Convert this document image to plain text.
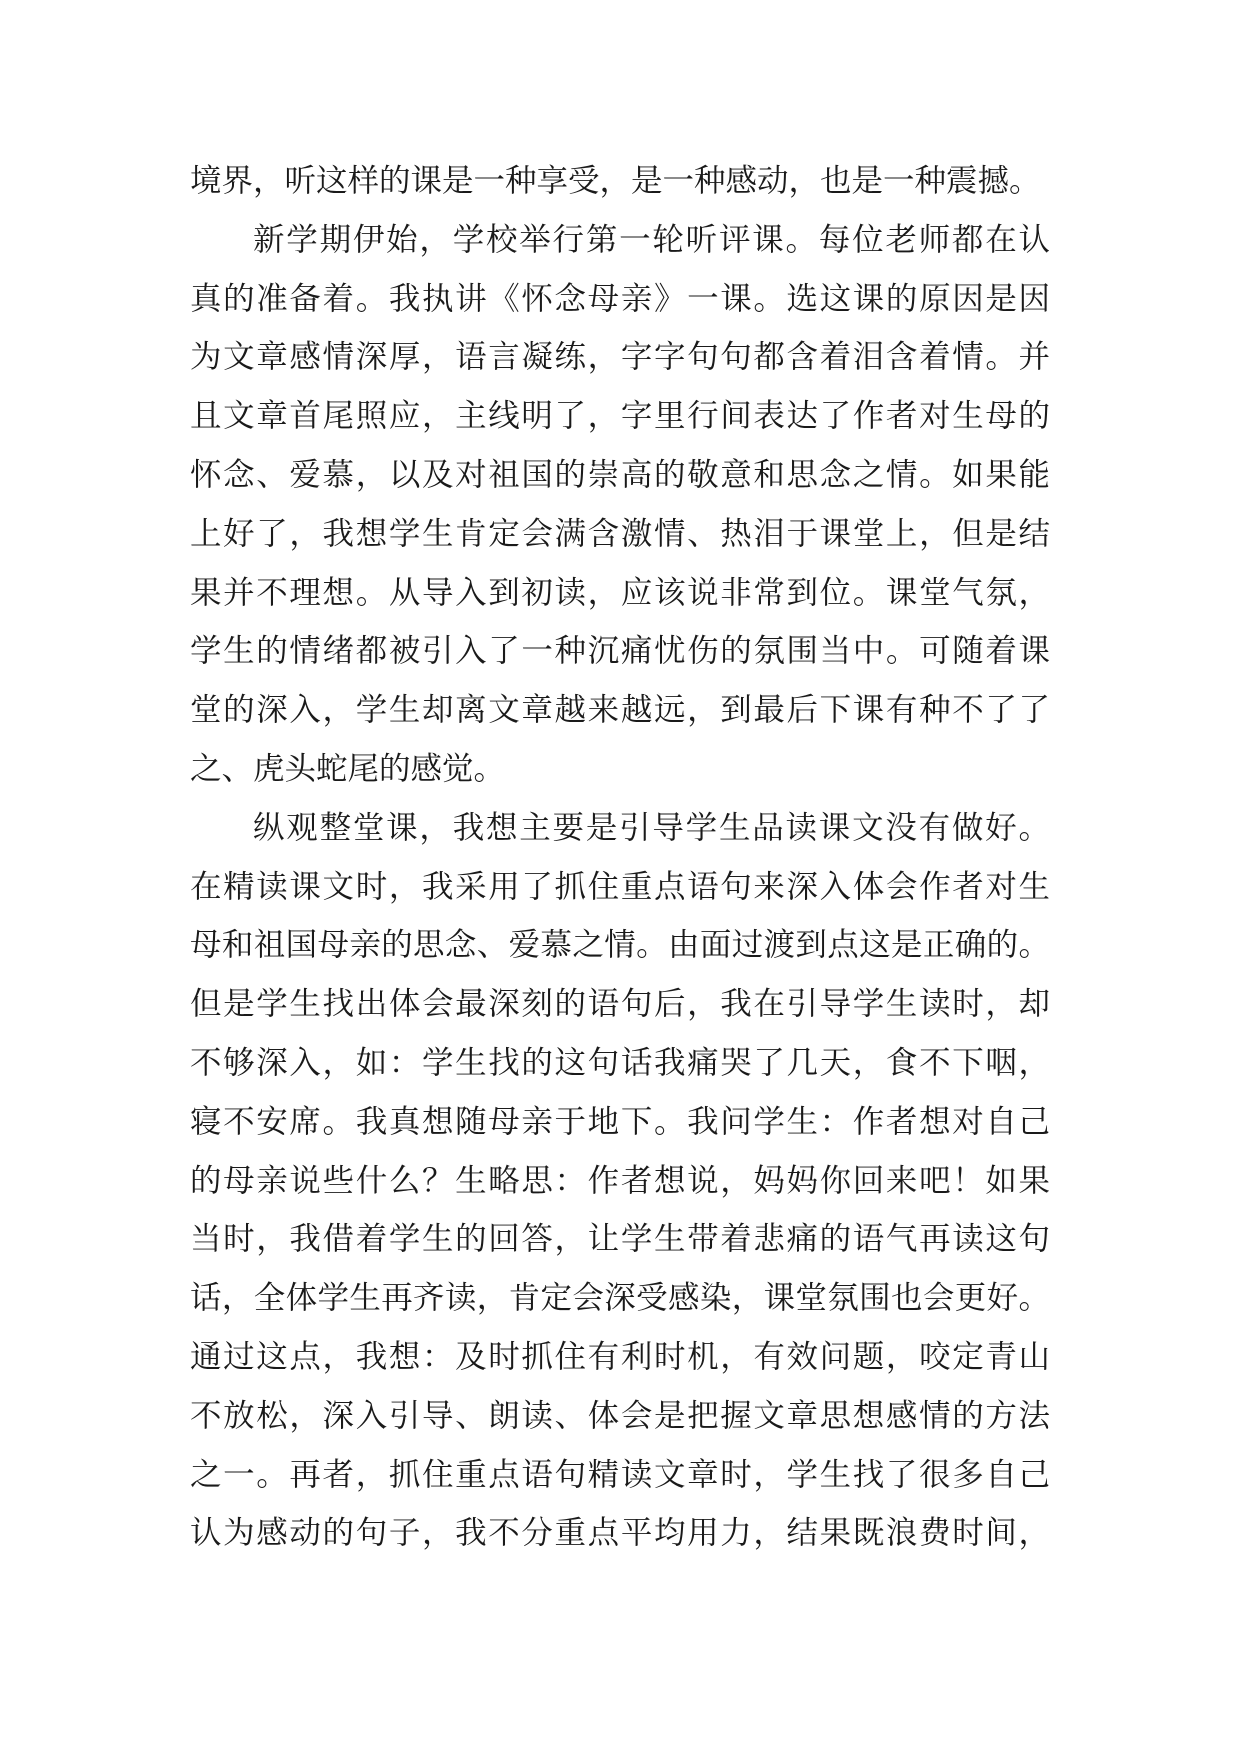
境界，听这样的课是一种享受，是一种感动，也是一种震撼。
新学期伊始，学校举行第一轮听评课。每位老师都在认
真的准备着。我执讲《怀念母亲》一课。选这课的原因是因
为文章感情深厚，语言凝练，字字句句都含着泪含着情。并
且文章首尾照应，主线明了，字里行间表达了作者对生母的
怀念、爱慕，以及对祖国的崇高的敬意和思念之情。如果能
上好了，我想学生肯定会满含激情、热泪于课堂上，但是结
果并不理想。从导入到初读，应该说非常到位。课堂气氛，
学生的情绪都被引入了一种沉痛忧伤的氛围当中。可随着课
堂的深入，学生却离文章越来越远，到最后下课有种不了了
之、虎头蛇尾的感觉。
纵观整堂课，我想主要是引导学生品读课文没有做好。
在精读课文时，我采用了抓住重点语句来深入体会作者对生
母和祖国母亲的思念、爱慕之情。由面过渡到点这是正确的。
但是学生找出体会最深刻的语句后，我在引导学生读时，却
不够深入，如：学生找的这句话我痛哭了几天，食不下咽，
寝不安席。我真想随母亲于地下。我问学生：作者想对自己
的母亲说些什么？生略思：作者想说，妈妈你回来吧！如果
当时，我借着学生的回答，让学生带着悲痛的语气再读这句
话，全体学生再齐读，肯定会深受感染，课堂氛围也会更好。
通过这点，我想：及时抓住有利时机，有效问题，咬定青山
不放松，深入引导、朗读、体会是把握文章思想感情的方法
之一。再者，抓住重点语句精读文章时，学生找了很多自己
认为感动的句子，我不分重点平均用力，结果既浪费时间，
